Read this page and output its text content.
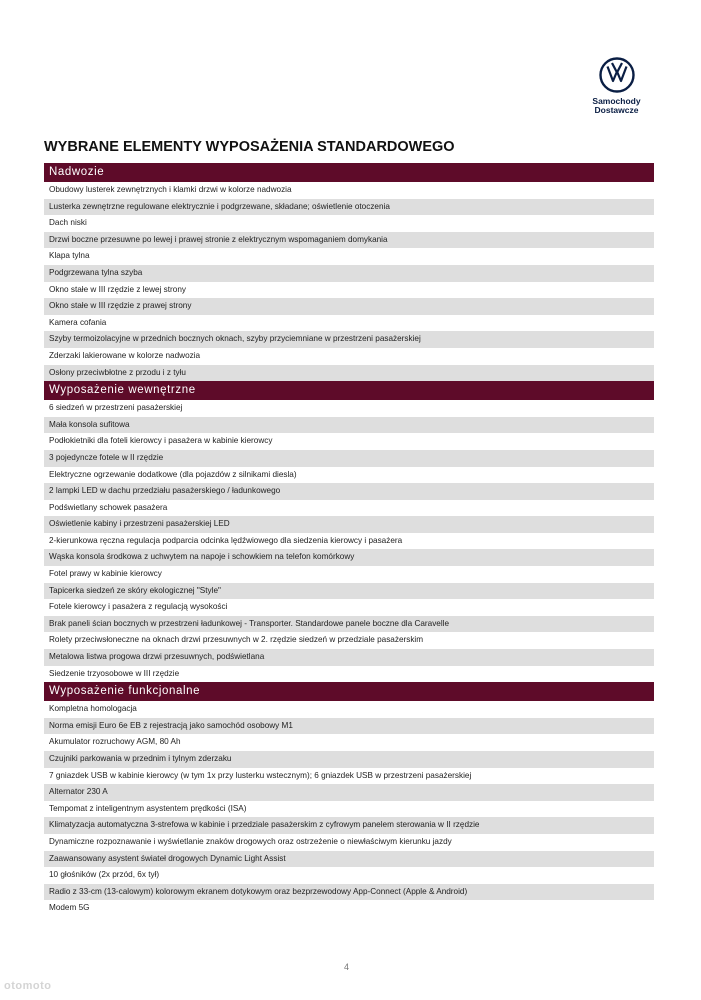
Samochody
Dostawcze
WYBRANE ELEMENTY WYPOSAŻENIA STANDARDOWEGO
Nadwozie
Obudowy lusterek zewnętrznych i klamki drzwi w kolorze nadwozia
Lusterka zewnętrzne regulowane elektrycznie i podgrzewane, składane; oświetlenie otoczenia
Dach niski
Drzwi boczne przesuwne po lewej i prawej stronie z elektrycznym wspomaganiem domykania
Klapa tylna
Podgrzewana tylna szyba
Okno stałe w III rzędzie z lewej strony
Okno stałe w III rzędzie z prawej strony
Kamera cofania
Szyby termoizolacyjne w przednich bocznych oknach, szyby przyciemniane w przestrzeni pasażerskiej
Zderzaki lakierowane w kolorze nadwozia
Osłony przeciwbłotne z przodu i z tyłu
Wyposażenie wewnętrzne
6 siedzeń w przestrzeni pasażerskiej
Mała konsola sufitowa
Podłokietniki dla foteli kierowcy i pasażera w kabinie kierowcy
3 pojedyncze fotele w II rzędzie
Elektryczne ogrzewanie dodatkowe (dla pojazdów z silnikami diesla)
2 lampki LED w dachu przedziału pasażerskiego / ładunkowego
Podświetlany schowek pasażera
Oświetlenie kabiny i przestrzeni pasażerskiej LED
2-kierunkowa ręczna regulacja podparcia odcinka lędźwiowego dla siedzenia kierowcy i pasażera
Wąska konsola środkowa z uchwytem na napoje i schowkiem na telefon komórkowy
Fotel prawy w kabinie kierowcy
Tapicerka siedzeń ze skóry ekologicznej "Style"
Fotele kierowcy i pasażera z regulacją wysokości
Brak paneli ścian bocznych w przestrzeni ładunkowej - Transporter. Standardowe panele boczne dla Caravelle
Rolety przeciwsłoneczne na oknach drzwi przesuwnych w 2. rzędzie siedzeń w przedziale pasażerskim
Metalowa listwa progowa drzwi przesuwnych, podświetlana
Siedzenie trzyosobowe w III rzędzie
Wyposażenie funkcjonalne
Kompletna homologacja
Norma emisji Euro 6e EB z rejestracją jako samochód osobowy M1
Akumulator rozruchowy AGM, 80 Ah
Czujniki parkowania w przednim i tylnym zderzaku
7 gniazdek USB w kabinie kierowcy (w tym 1x przy lusterku wstecznym); 6 gniazdek USB w przestrzeni pasażerskiej
Alternator 230 A
Tempomat z inteligentnym asystentem prędkości (ISA)
Klimatyzacja automatyczna 3-strefowa w kabinie i przedziale pasażerskim z cyfrowym panelem sterowania w II rzędzie
Dynamiczne rozpoznawanie i wyświetlanie znaków drogowych oraz ostrzeżenie o niewłaściwym kierunku jazdy
Zaawansowany asystent świateł drogowych Dynamic Light Assist
10 głośników (2x przód, 6x tył)
Radio z 33-cm (13-calowym) kolorowym ekranem dotykowym oraz bezprzewodowy App-Connect (Apple & Android)
Modem 5G
4
otomoto
